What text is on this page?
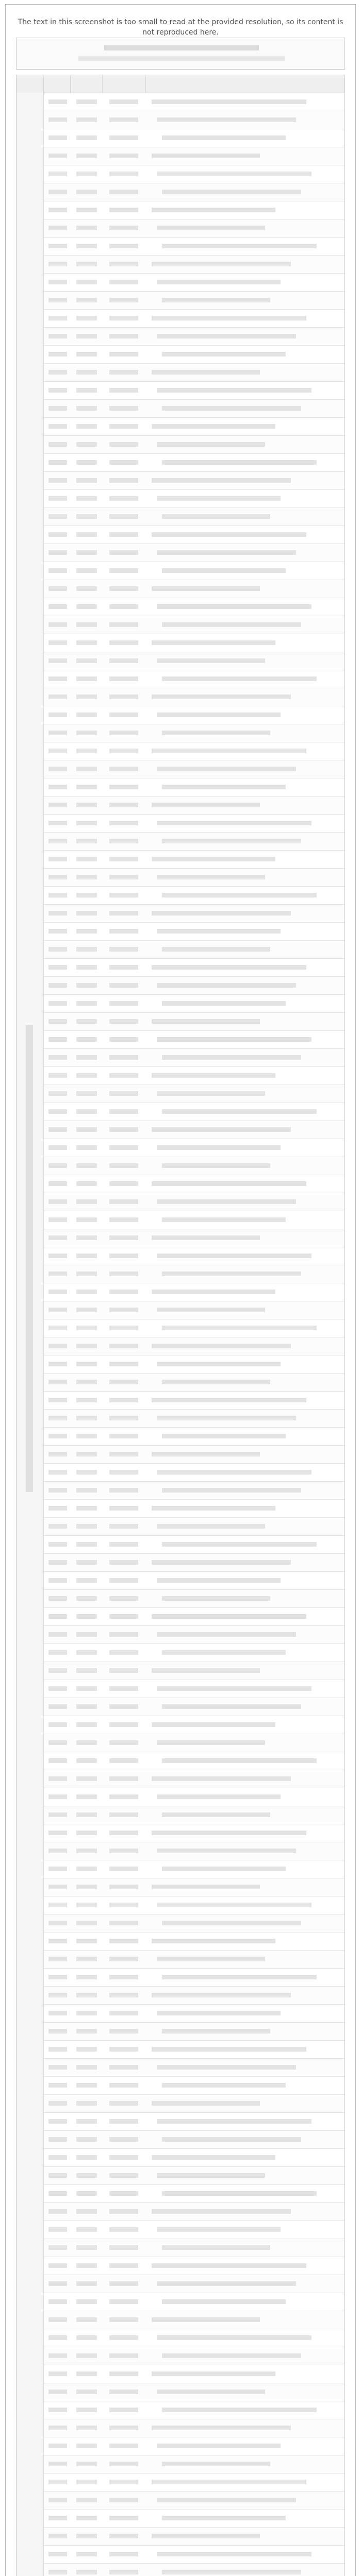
The text in this screenshot is too small to read at the provided resolution, so its content is not reproduced here.
